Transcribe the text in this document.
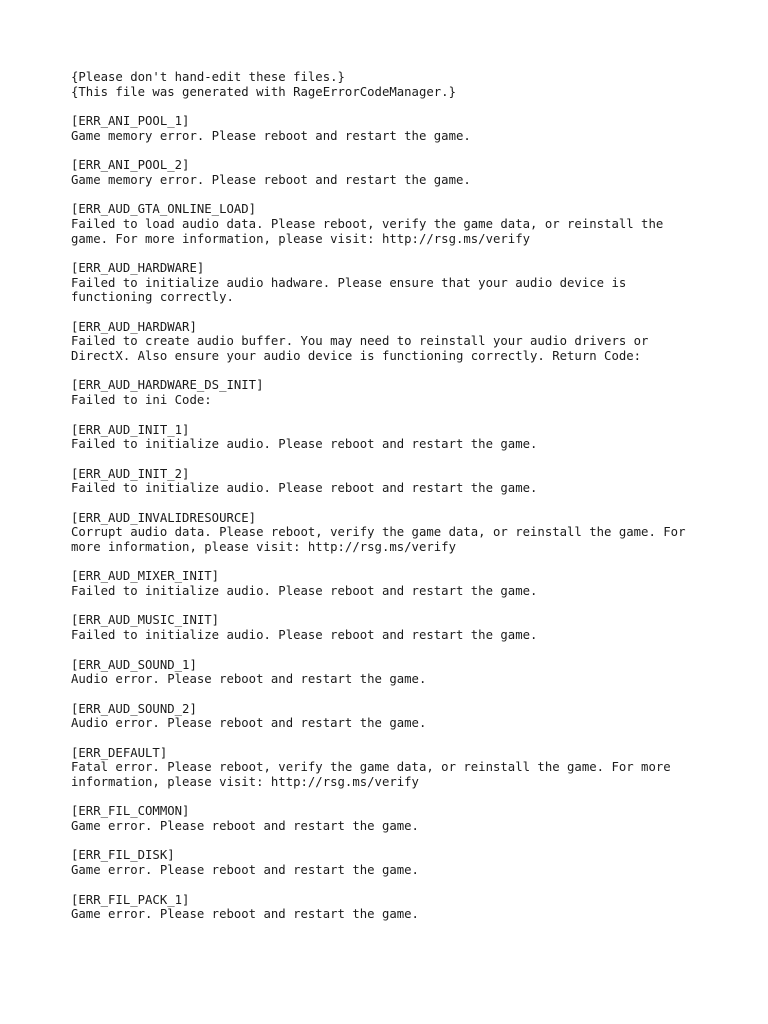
{Please don't hand-edit these files.}
{This file was generated with RageErrorCodeManager.}
[ERR_ANI_POOL_1]
Game memory error. Please reboot and restart the game.
[ERR_ANI_POOL_2]
Game memory error. Please reboot and restart the game.
[ERR_AUD_GTA_ONLINE_LOAD]
Failed to load audio data. Please reboot, verify the game data, or reinstall the
game. For more information, please visit: http://rsg.ms/verify
[ERR_AUD_HARDWARE]
Failed to initialize audio hadware. Please ensure that your audio device is
functioning correctly.
[ERR_AUD_HARDWAR]
Failed to create audio buffer. You may need to reinstall your audio drivers or
DirectX. Also ensure your audio device is functioning correctly. Return Code:
[ERR_AUD_HARDWARE_DS_INIT]
Failed to ini Code:
[ERR_AUD_INIT_1]
Failed to initialize audio. Please reboot and restart the game.
[ERR_AUD_INIT_2]
Failed to initialize audio. Please reboot and restart the game.
[ERR_AUD_INVALIDRESOURCE]
Corrupt audio data. Please reboot, verify the game data, or reinstall the game. For
more information, please visit: http://rsg.ms/verify
[ERR_AUD_MIXER_INIT]
Failed to initialize audio. Please reboot and restart the game.
[ERR_AUD_MUSIC_INIT]
Failed to initialize audio. Please reboot and restart the game.
[ERR_AUD_SOUND_1]
Audio error. Please reboot and restart the game.
[ERR_AUD_SOUND_2]
Audio error. Please reboot and restart the game.
[ERR_DEFAULT]
Fatal error. Please reboot, verify the game data, or reinstall the game. For more
information, please visit: http://rsg.ms/verify
[ERR_FIL_COMMON]
Game error. Please reboot and restart the game.
[ERR_FIL_DISK]
Game error. Please reboot and restart the game.
[ERR_FIL_PACK_1]
Game error. Please reboot and restart the game.
